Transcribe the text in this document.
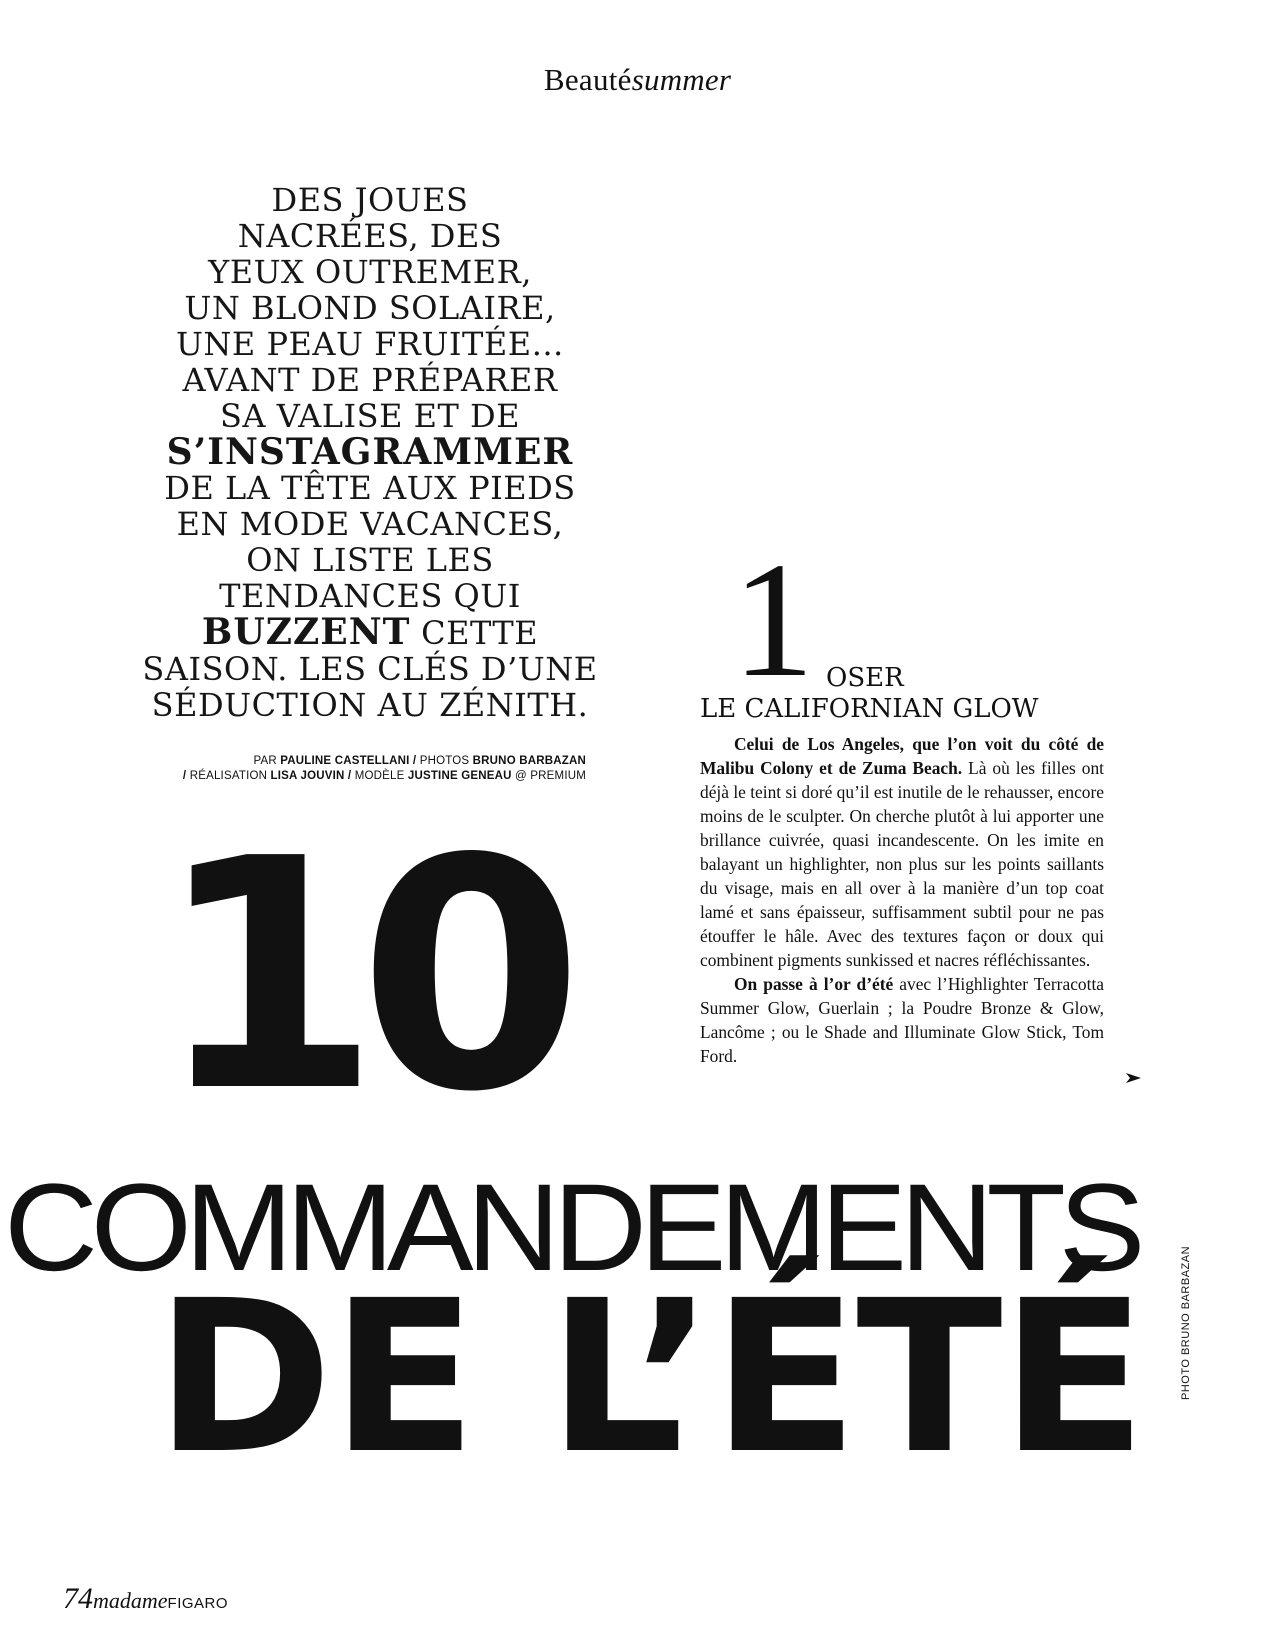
Beautésummer
DES JOUES
NACRÉES, DES
YEUX OUTREMER,
UN BLOND SOLAIRE,
UNE PEAU FRUITÉE…
AVANT DE PRÉPARER
SA VALISE ET DE
S’INSTAGRAMMER
DE LA TÊTE AUX PIEDS
EN MODE VACANCES,
ON LISTE LES
TENDANCES QUI
BUZZENT CETTE
SAISON. LES CLÉS D’UNE
SÉDUCTION AU ZÉNITH.
PAR PAULINE CASTELLANI / PHOTOS BRUNO BARBAZAN
/ RÉALISATION LISA JOUVIN / MODÈLE JUSTINE GENEAU @ PREMIUM
10
COMMANDEMENTS
DE L’ÉTÉ
1 OSER
LE CALIFORNIAN GLOW

Celui de Los Angeles, que l’on voit du côté de Malibu Colony et de Zuma Beach. Là où les filles ont déjà le teint si doré qu’il est inutile de le rehausser, encore moins de le sculpter. On cherche plutôt à lui apporter une brillance cuivrée, quasi incandescente. On les imite en balayant un highlighter, non plus sur les points saillants du visage, mais en all over à la manière d’un top coat lamé et sans épaisseur, suffisamment subtil pour ne pas étouffer le hâle. Avec des textures façon or doux qui combinent pigments sunkissed et nacres réfléchissantes.

On passe à l’or d’été avec l’Highlighter Terracotta Summer Glow, Guerlain ; la Poudre Bronze & Glow, Lancôme ; ou le Shade and Illuminate Glow Stick, Tom Ford.

PHOTO BRUNO BARBAZAN
74madameFIGARO
